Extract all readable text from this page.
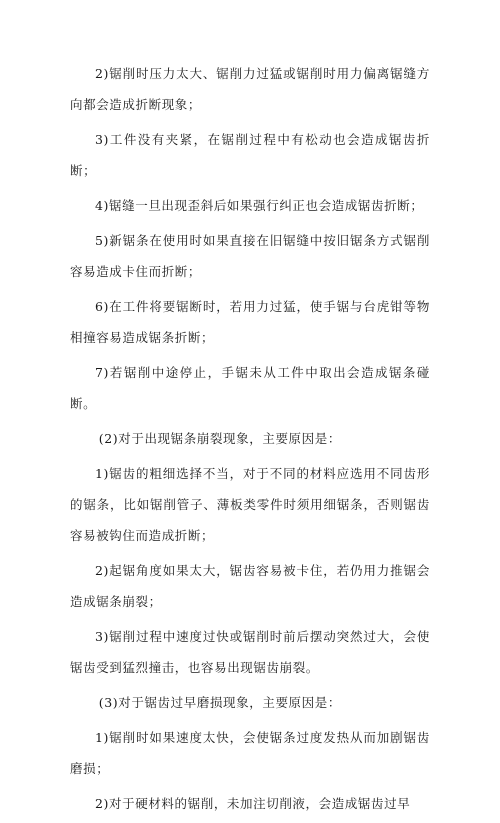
2)锯削时压力太大、锯削力过猛或锯削时用力偏离锯缝方向都会造成折断现象；

3)工件没有夹紧，在锯削过程中有松动也会造成锯齿折断；

4)锯缝一旦出现歪斜后如果强行纠正也会造成锯齿折断；

5)新锯条在使用时如果直接在旧锯缝中按旧锯条方式锯削容易造成卡住而折断；

6)在工件将要锯断时，若用力过猛，使手锯与台虎钳等物相撞容易造成锯条折断；

7)若锯削中途停止，手锯未从工件中取出会造成锯条碰断。

(2)对于出现锯条崩裂现象，主要原因是：

1)锯齿的粗细选择不当，对于不同的材料应选用不同齿形的锯条，比如锯削管子、薄板类零件时须用细锯条，否则锯齿容易被钩住而造成折断；

2)起锯角度如果太大，锯齿容易被卡住，若仍用力推锯会造成锯条崩裂；

3)锯削过程中速度过快或锯削时前后摆动突然过大，会使锯齿受到猛烈撞击，也容易出现锯齿崩裂。

(3)对于锯齿过早磨损现象，主要原因是：

1)锯削时如果速度太快，会使锯条过度发热从而加剧锯齿磨损；

2)对于硬材料的锯削，未加注切削液，会造成锯齿过早
